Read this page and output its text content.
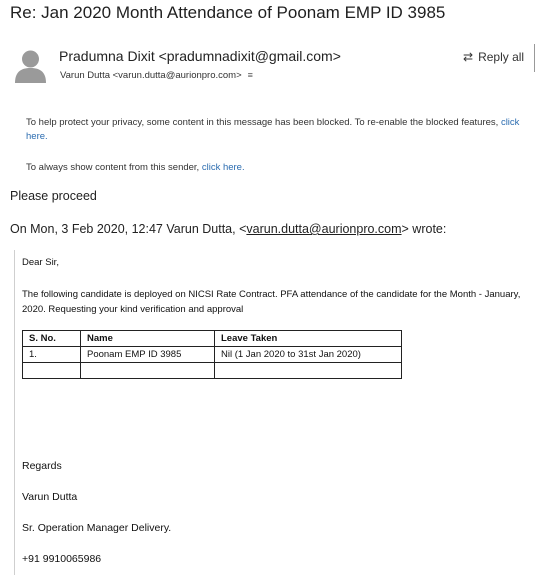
Re: Jan 2020 Month Attendance of Poonam EMP ID 3985
Pradumna Dixit <pradumnadixit@gmail.com>
Varun Dutta <varun.dutta@aurionpro.com> ≡
⇄ Reply all
To help protect your privacy, some content in this message has been blocked. To re-enable the blocked features, click here.
To always show content from this sender, click here.
Please proceed
On Mon, 3 Feb 2020, 12:47 Varun Dutta, <varun.dutta@aurionpro.com> wrote:
Dear Sir,
The following candidate is deployed on NICSI Rate Contract. PFA attendance of the candidate for the Month - January, 2020. Requesting your kind verification and approval
S. No.	Name	Leave Taken
1.	Poonam EMP ID 3985	Nil (1 Jan 2020 to 31st Jan 2020)

Regards
Varun Dutta
Sr. Operation Manager Delivery.
+91 9910065986
